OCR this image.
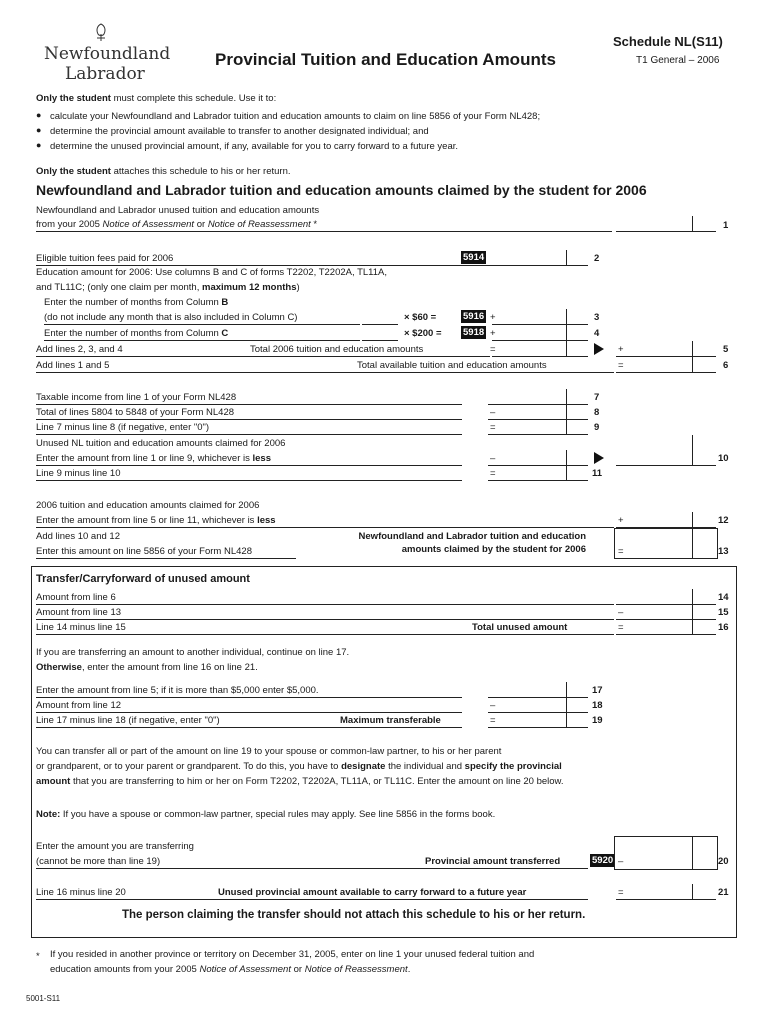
Newfoundland
Labrador
Provincial Tuition and Education Amounts
Schedule NL(S11)
T1 General – 2006
Only the student must complete this schedule. Use it to:
● calculate your Newfoundland and Labrador tuition and education amounts to claim on line 5856 of your Form NL428;
● determine the provincial amount available to transfer to another designated individual; and
● determine the unused provincial amount, if any, available for you to carry forward to a future year.
Only the student attaches this schedule to his or her return.
Newfoundland and Labrador tuition and education amounts claimed by the student for 2006
Newfoundland and Labrador unused tuition and education amounts
from your 2005 Notice of Assessment or Notice of Reassessment *	1
Eligible tuition fees paid for 2006	5914	2
Education amount for 2006: Use columns B and C of forms T2202, T2202A, TL11A,
and TL11C; (only one claim per month, maximum 12 months)
Enter the number of months from Column B
(do not include any month that is also included in Column C)	× $60 =	5916 +	3
Enter the number of months from Column C	× $200 = 5918 +	4
Add lines 2, 3, and 4	Total 2006 tuition and education amounts	=	+	5
Add lines 1 and 5	Total available tuition and education amounts	=	6
Taxable income from line 1 of your Form NL428	7
Total of lines 5804 to 5848 of your Form NL428	–	8
Line 7 minus line 8 (if negative, enter "0")	=	9
Unused NL tuition and education amounts claimed for 2006
Enter the amount from line 1 or line 9, whichever is less	–	10
Line 9 minus line 10	=	11
2006 tuition and education amounts claimed for 2006
Enter the amount from line 5 or line 11, whichever is less	+	12
Add lines 10 and 12
Enter this amount on line 5856 of your Form NL428
Newfoundland and Labrador tuition and education
amounts claimed by the student for 2006	=	13
Transfer/Carryforward of unused amount
Amount from line 6	14
Amount from line 13	–	15
Line 14 minus line 15	Total unused amount	=	16
If you are transferring an amount to another individual, continue on line 17.
Otherwise, enter the amount from line 16 on line 21.
Enter the amount from line 5; if it is more than $5,000 enter $5,000.	17
Amount from line 12	–	18
Line 17 minus line 18 (if negative, enter "0")	Maximum transferable	=	19
You can transfer all or part of the amount on line 19 to your spouse or common-law partner, to his or her parent
or grandparent, or to your parent or grandparent. To do this, you have to designate the individual and specify the provincial
amount that you are transferring to him or her on Form T2202, T2202A, TL11A, or TL11C. Enter the amount on line 20 below.
Note: If you have a spouse or common-law partner, special rules may apply. See line 5856 in the forms book.
Enter the amount you are transferring
(cannot be more than line 19)	Provincial amount transferred	5920 –	20
Line 16 minus line 20	Unused provincial amount available to carry forward to a future year	=	21
The person claiming the transfer should not attach this schedule to his or her return.
* If you resided in another province or territory on December 31, 2005, enter on line 1 your unused federal tuition and
education amounts from your 2005 Notice of Assessment or Notice of Reassessment.
5001-S11
